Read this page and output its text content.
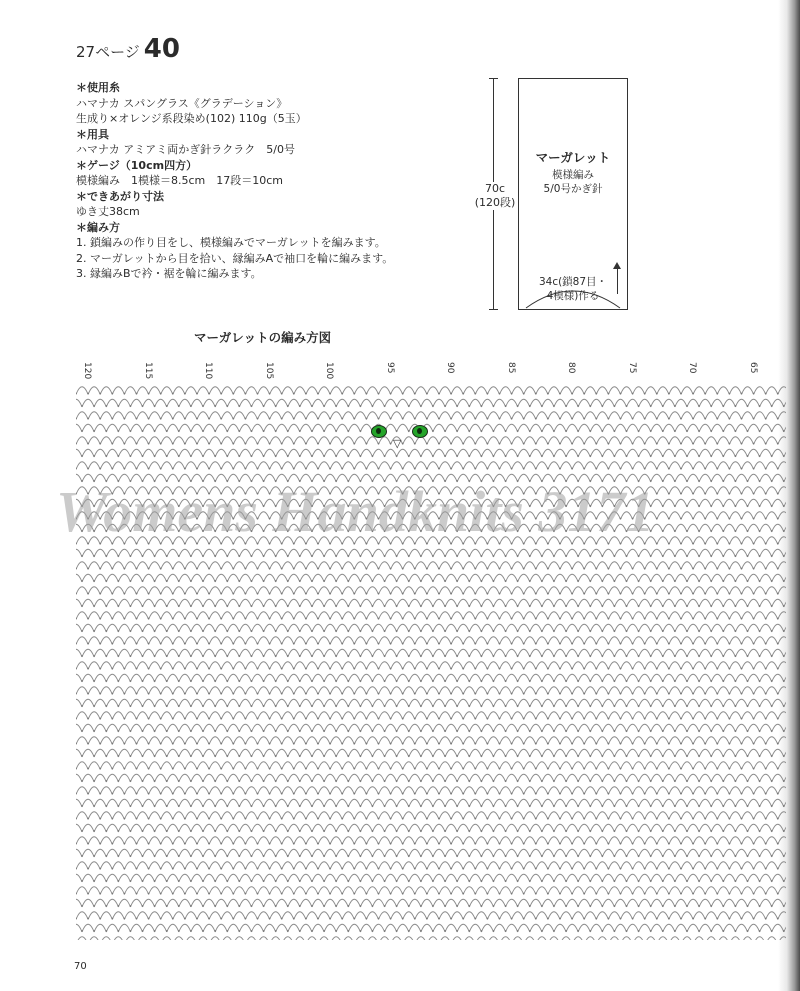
27ページ 40
＊使用糸
ハマナカ スパングラス《グラデーション》
生成り×オレンジ系段染め(102) 110g（5玉）
＊用具
ハマナカ アミアミ両かぎ針ラクラク　5/0号
＊ゲージ（10cm四方）
模様編み　1模様＝8.5cm　17段＝10cm
＊できあがり寸法
ゆき丈38cm
＊編み方
1. 鎖編みの作り目をし、模様編みでマーガレットを編みます。
2. マーガレットから目を拾い、縁編みAで袖口を輪に編みます。
3. 縁編みBで衿・裾を輪に編みます。
70c
(120段)
マーガレット
模様編み
5/0号かぎ針
34c(鎖87目・
4模様)作る
マーガレットの編み方図
120	115	110	105	100	95	90	85	80	75	70	65
▽
Womens Handknits 3171
70
